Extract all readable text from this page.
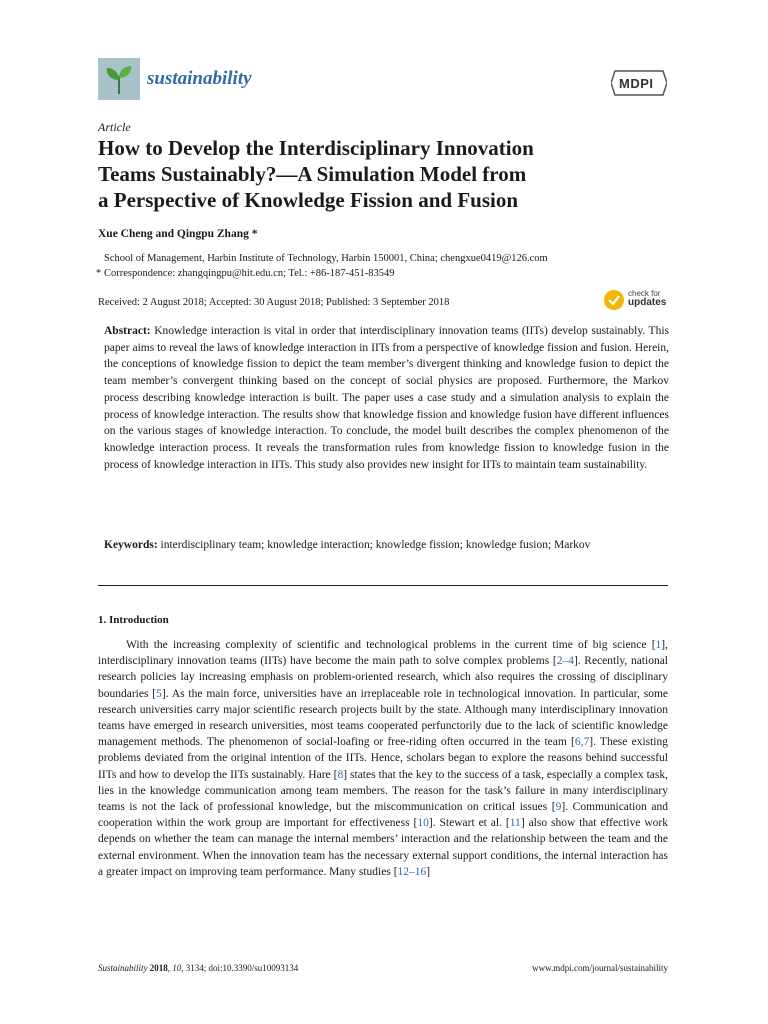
sustainability	MDPI
Article
How to Develop the Interdisciplinary Innovation
Teams Sustainably?—A Simulation Model from
a Perspective of Knowledge Fission and Fusion
Xue Cheng and Qingpu Zhang *
School of Management, Harbin Institute of Technology, Harbin 150001, China; chengxue0419@126.com
* Correspondence: zhangqingpu@hit.edu.cn; Tel.: +86-187-451-83549
Received: 2 August 2018; Accepted: 30 August 2018; Published: 3 September 2018
check for
updates
Abstract: Knowledge interaction is vital in order that interdisciplinary innovation teams (IITs) develop sustainably. This paper aims to reveal the laws of knowledge interaction in IITs from a perspective of knowledge fission and fusion. Herein, the conceptions of knowledge fission to depict the team member’s divergent thinking and knowledge fusion to depict the team member’s convergent thinking based on the concept of social physics are proposed. Furthermore, the Markov process describing knowledge interaction is built. The paper uses a case study and a simulation analysis to explain the process of knowledge interaction. The results show that knowledge fission and knowledge fusion have different influences on the various stages of knowledge interaction. To conclude, the model built describes the complex phenomenon of the knowledge interaction process. It reveals the transformation rules from knowledge fission to knowledge fusion in the process of knowledge interaction in IITs. This study also provides new insight for IITs to maintain team sustainability.
Keywords: interdisciplinary team; knowledge interaction; knowledge fission; knowledge fusion; Markov
1. Introduction

With the increasing complexity of scientific and technological problems in the current time of big science [1], interdisciplinary innovation teams (IITs) have become the main path to solve complex problems [2–4]. Recently, national research policies lay increasing emphasis on problem-oriented research, which also requires the crossing of disciplinary boundaries [5]. As the main force, universities have an irreplaceable role in technological innovation. In particular, some research universities carry major scientific research projects built by the state. Although many interdisciplinary innovation teams have emerged in research universities, most teams cooperated perfunctorily due to the lack of scientific knowledge management methods. The phenomenon of social-loafing or free-riding often occurred in the team [6,7]. These existing problems deviated from the original intention of the IITs. Hence, scholars began to explore the reasons behind successful IITs and how to develop the IITs sustainably. Hare [8] states that the key to the success of a task, especially a complex task, lies in the knowledge communication among team members. The reason for the task’s failure in many interdisciplinary teams is not the lack of professional knowledge, but the miscommunication on critical issues [9]. Communication and cooperation within the work group are important for effectiveness [10]. Stewart et al. [11] also show that effective work depends on whether the team can manage the internal members’ interaction and the relationship between the team and the external environment. When the innovation team has the necessary external support conditions, the internal interaction has a greater impact on improving team performance. Many studies [12–16]

Sustainability 2018, 10, 3134; doi:10.3390/su10093134	www.mdpi.com/journal/sustainability
